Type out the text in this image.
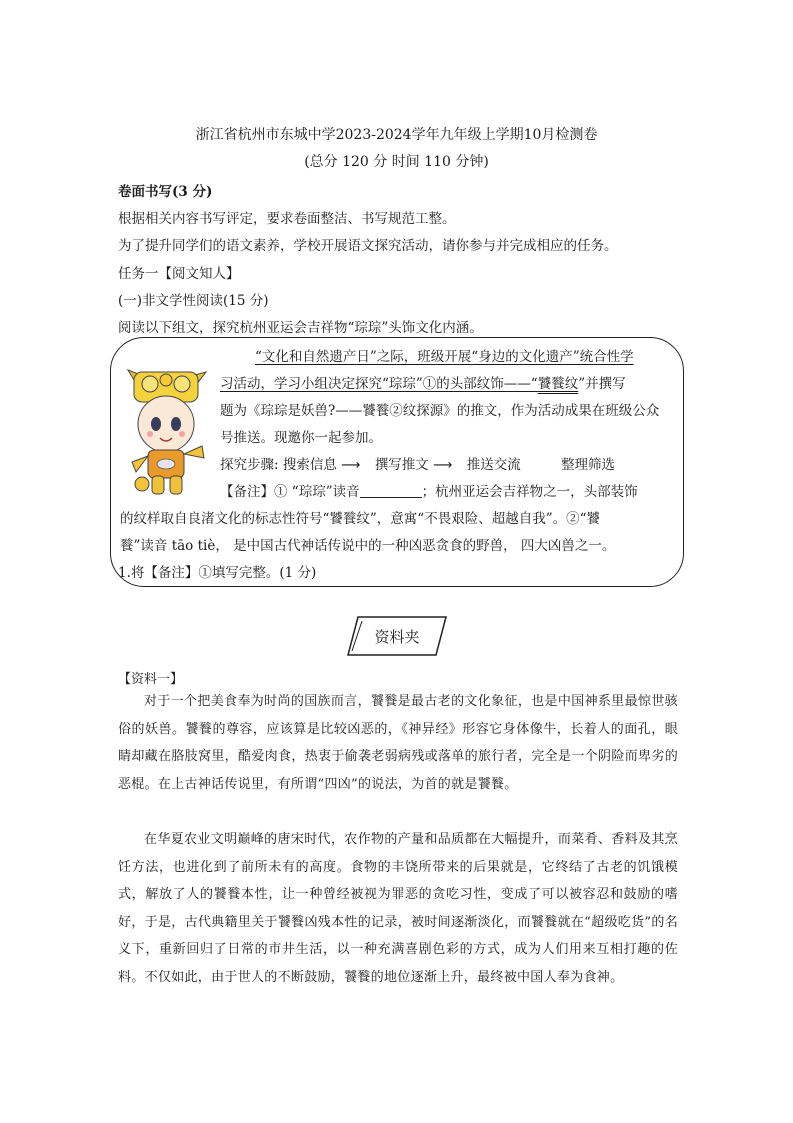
浙江省杭州市东城中学2023-2024学年九年级上学期10月检测卷
(总分 120 分 时间 110 分钟)
卷面书写(3 分)
根据相关内容书写评定，要求卷面整洁、书写规范工整。
为了提升同学们的语文素养，学校开展语文探究活动，请你参与并完成相应的任务。
任务一【阅文知人】
(一)非文学性阅读(15 分)
阅读以下组文，探究杭州亚运会吉祥物“琮琮”头饰文化内涵。
“文化和自然遗产日”之际，班级开展“身边的文化遗产”统合性学
习活动，学习小组决定探究“琮琮”①的头部纹饰——“饕餮纹”并撰写
题为《琮琮是妖兽?——饕餮②纹探源》的推文，作为活动成果在班级公众
号推送。现邀你一起参加。
探究步骤: 搜索信息 ⟶ 撰写推文 ⟶ 推送交流	整理筛选
【备注】① “琮琮”读音	；杭州亚运会吉祥物之一，头部装饰
的纹样取自良渚文化的标志性符号“饕餮纹”，意寓“不畏艰险、超越自我”。②“饕
餮”读音 tāo tiè， 是中国古代神话传说中的一种凶恶贪食的野兽， 四大凶兽之一。
1.将【备注】①填写完整。(1 分)
资料夹
【资料一】
对于一个把美食奉为时尚的国族而言，饕餮是最古老的文化象征，也是中国神系里最惊世骇俗的妖兽。饕餮的尊容，应该算是比较凶恶的，《神异经》形容它身体像牛，长着人的面孔，眼睛却藏在胳肢窝里，酷爱肉食，热衷于偷袭老弱病残或落单的旅行者，完全是一个阴险而卑劣的恶棍。在上古神话传说里，有所谓“四凶”的说法，为首的就是饕餮。
在华夏农业文明巅峰的唐宋时代，农作物的产量和品质都在大幅提升，而菜肴、香料及其烹饪方法，也进化到了前所未有的高度。食物的丰饶所带来的后果就是，它终结了古老的饥饿模式，解放了人的饕餮本性，让一种曾经被视为罪恶的贪吃习性，变成了可以被容忍和鼓励的嗜好，于是，古代典籍里关于饕餮凶残本性的记录，被时间逐渐淡化，而饕餮就在“超级吃货”的名义下，重新回归了日常的市井生活，以一种充满喜剧色彩的方式，成为人们用来互相打趣的佐料。不仅如此，由于世人的不断鼓励，饕餮的地位逐渐上升，最终被中国人奉为食神。
